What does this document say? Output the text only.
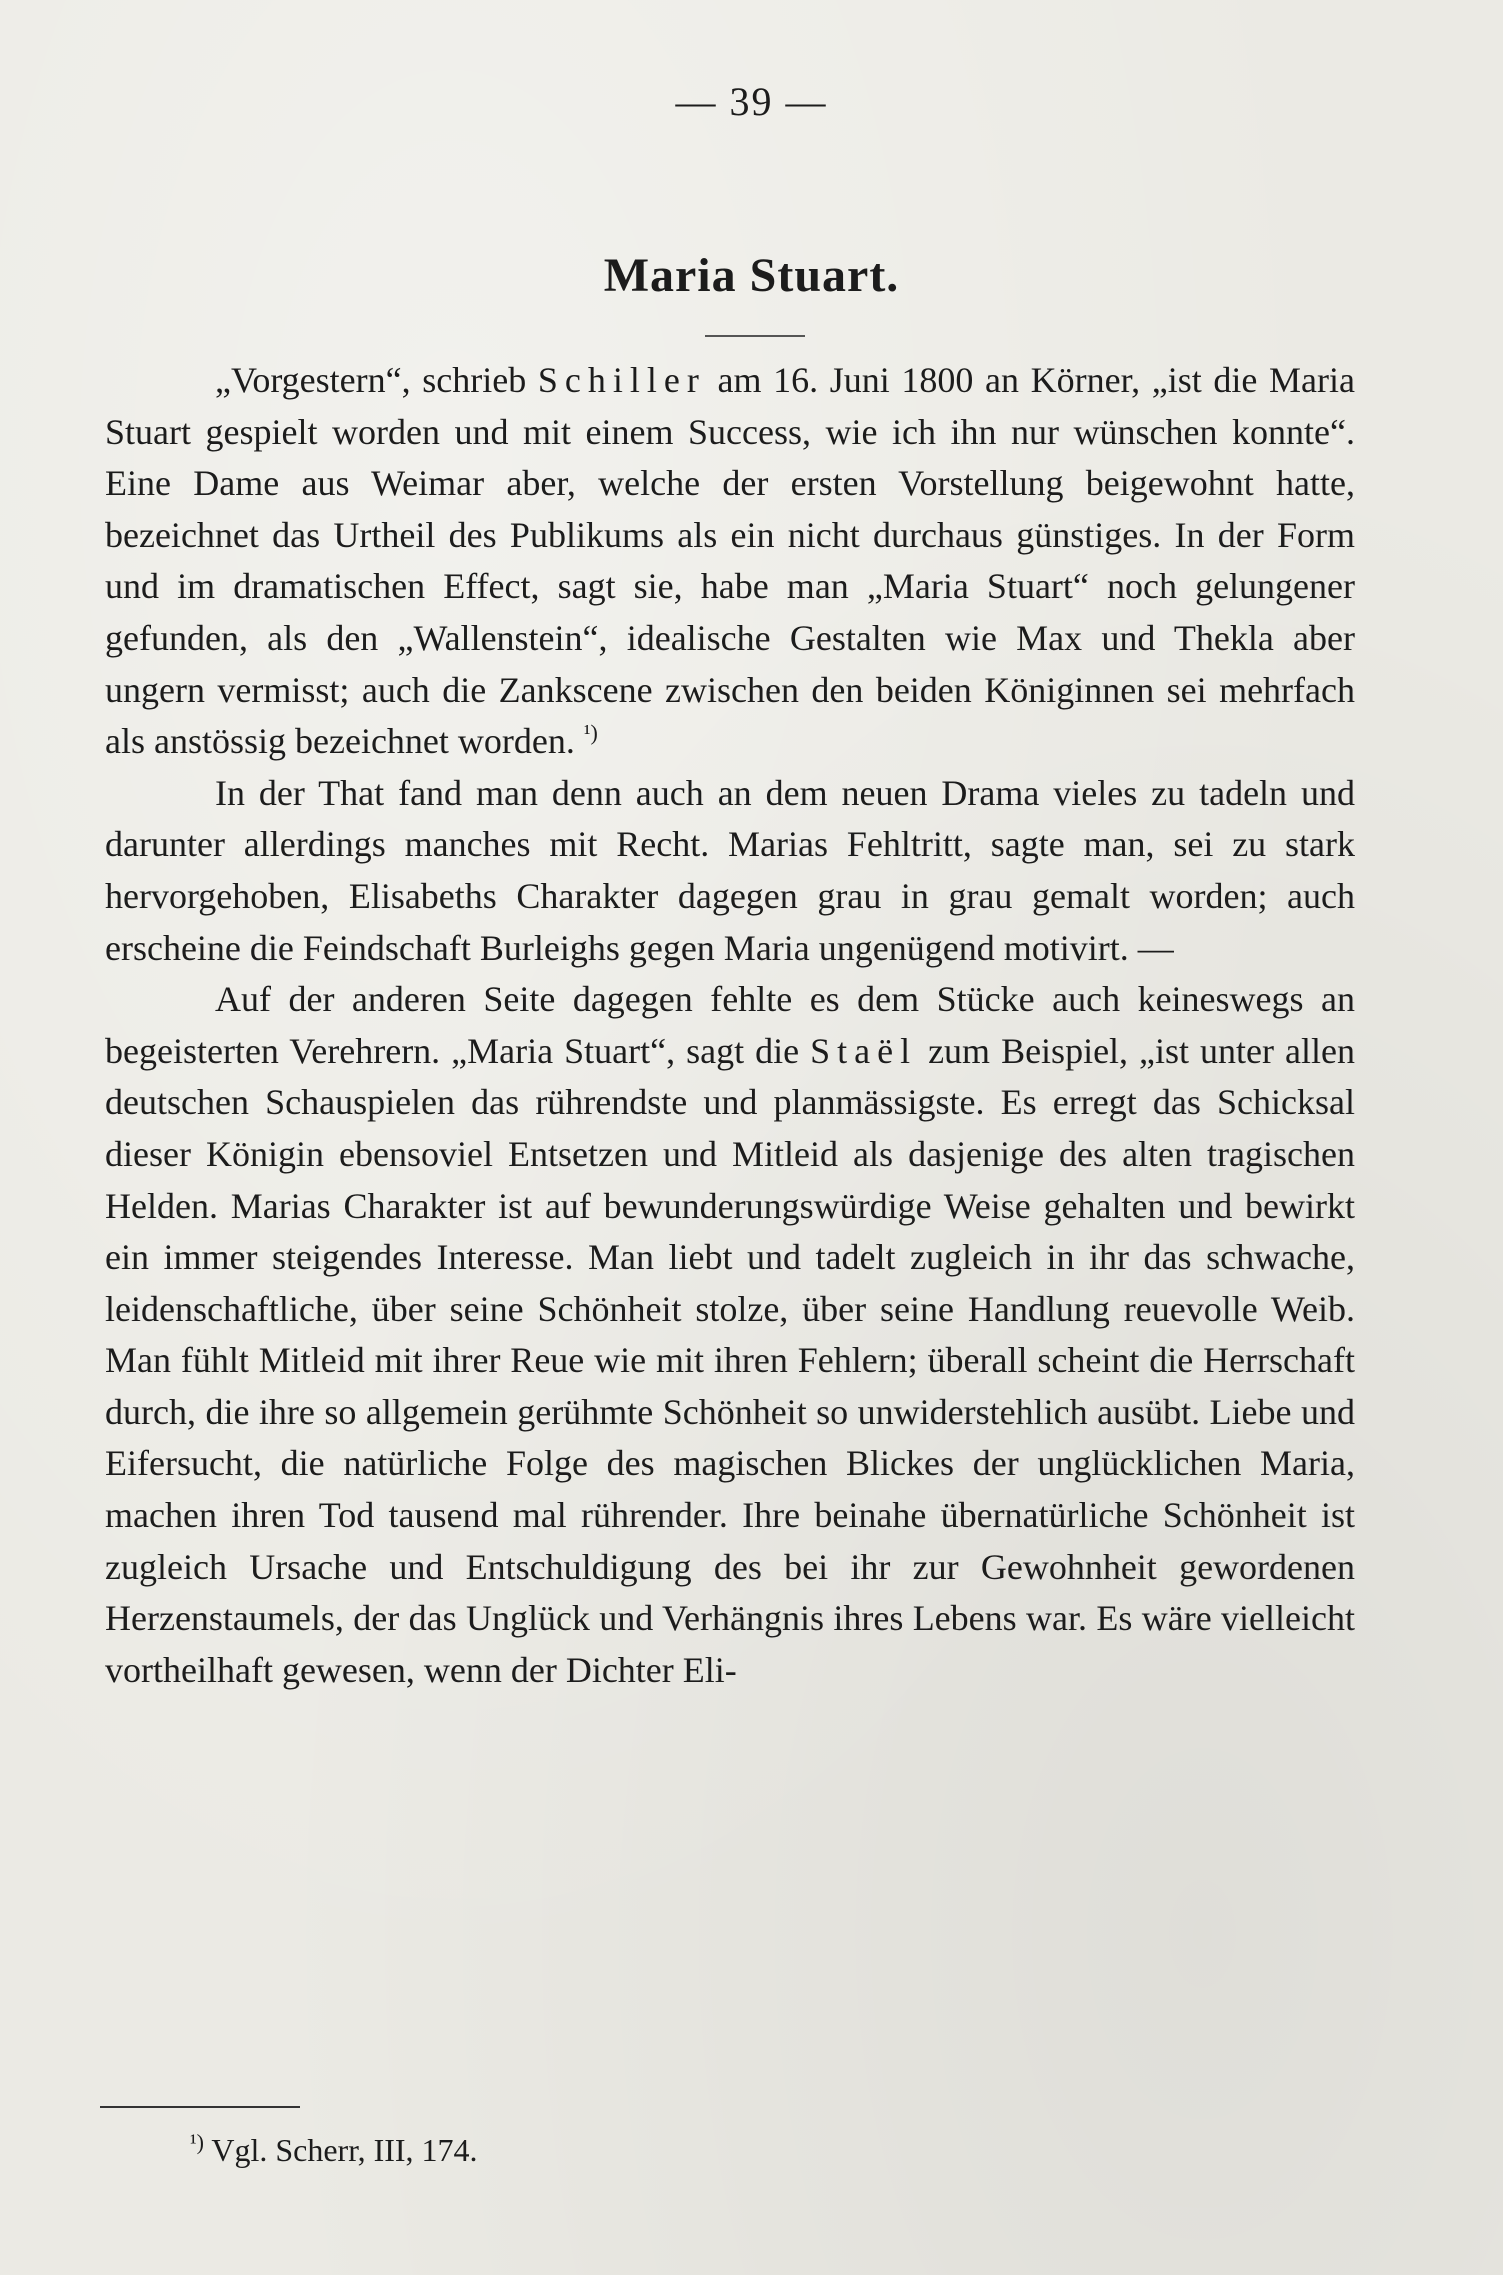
— 39 —
Maria Stuart.

„Vorgestern“, schrieb Schiller am 16. Juni 1800 an Körner, „ist die Maria Stuart gespielt worden und mit einem Success, wie ich ihn nur wünschen konnte“. Eine Dame aus Weimar aber, welche der ersten Vorstellung beigewohnt hatte, bezeichnet das Urtheil des Publikums als ein nicht durchaus günstiges. In der Form und im dramatischen Effect, sagt sie, habe man „Maria Stuart“ noch gelungener gefunden, als den „Wallenstein“, idealische Gestalten wie Max und Thekla aber ungern vermisst; auch die Zankscene zwischen den beiden Königinnen sei mehrfach als anstössig bezeichnet worden. $^{^1)}$

In der That fand man denn auch an dem neuen Drama vieles zu tadeln und darunter allerdings manches mit Recht. Marias Fehltritt, sagte man, sei zu stark hervorgehoben, Elisabeths Charakter dagegen grau in grau gemalt worden; auch erscheine die Feindschaft Burleighs gegen Maria ungenügend motivirt. —

Auf der anderen Seite dagegen fehlte es dem Stücke auch keineswegs an begeisterten Verehrern. „Maria Stuart“, sagt die Staël zum Beispiel, „ist unter allen deutschen Schauspielen das rührendste und planmässigste. Es erregt das Schicksal dieser Königin ebensoviel Entsetzen und Mitleid als dasjenige des alten tragischen Helden. Marias Charakter ist auf bewunderungswürdige Weise gehalten und bewirkt ein immer steigendes Interesse. Man liebt und tadelt zugleich in ihr das schwache, leidenschaftliche, über seine Schönheit stolze, über seine Handlung reuevolle Weib. Man fühlt Mitleid mit ihrer Reue wie mit ihren Fehlern; überall scheint die Herrschaft durch, die ihre so allgemein gerühmte Schönheit so unwiderstehlich ausübt. Liebe und Eifersucht, die natürliche Folge des magischen Blickes der unglücklichen Maria, machen ihren Tod tausend mal rührender. Ihre beinahe übernatürliche Schönheit ist zugleich Ursache und Entschuldigung des bei ihr zur Gewohnheit gewordenen Herzenstaumels, der das Unglück und Verhängnis ihres Lebens war. Es wäre vielleicht vortheilhaft gewesen, wenn der Dichter Eli-

$^{^1)}$ Vgl. Scherr, III, 174.
